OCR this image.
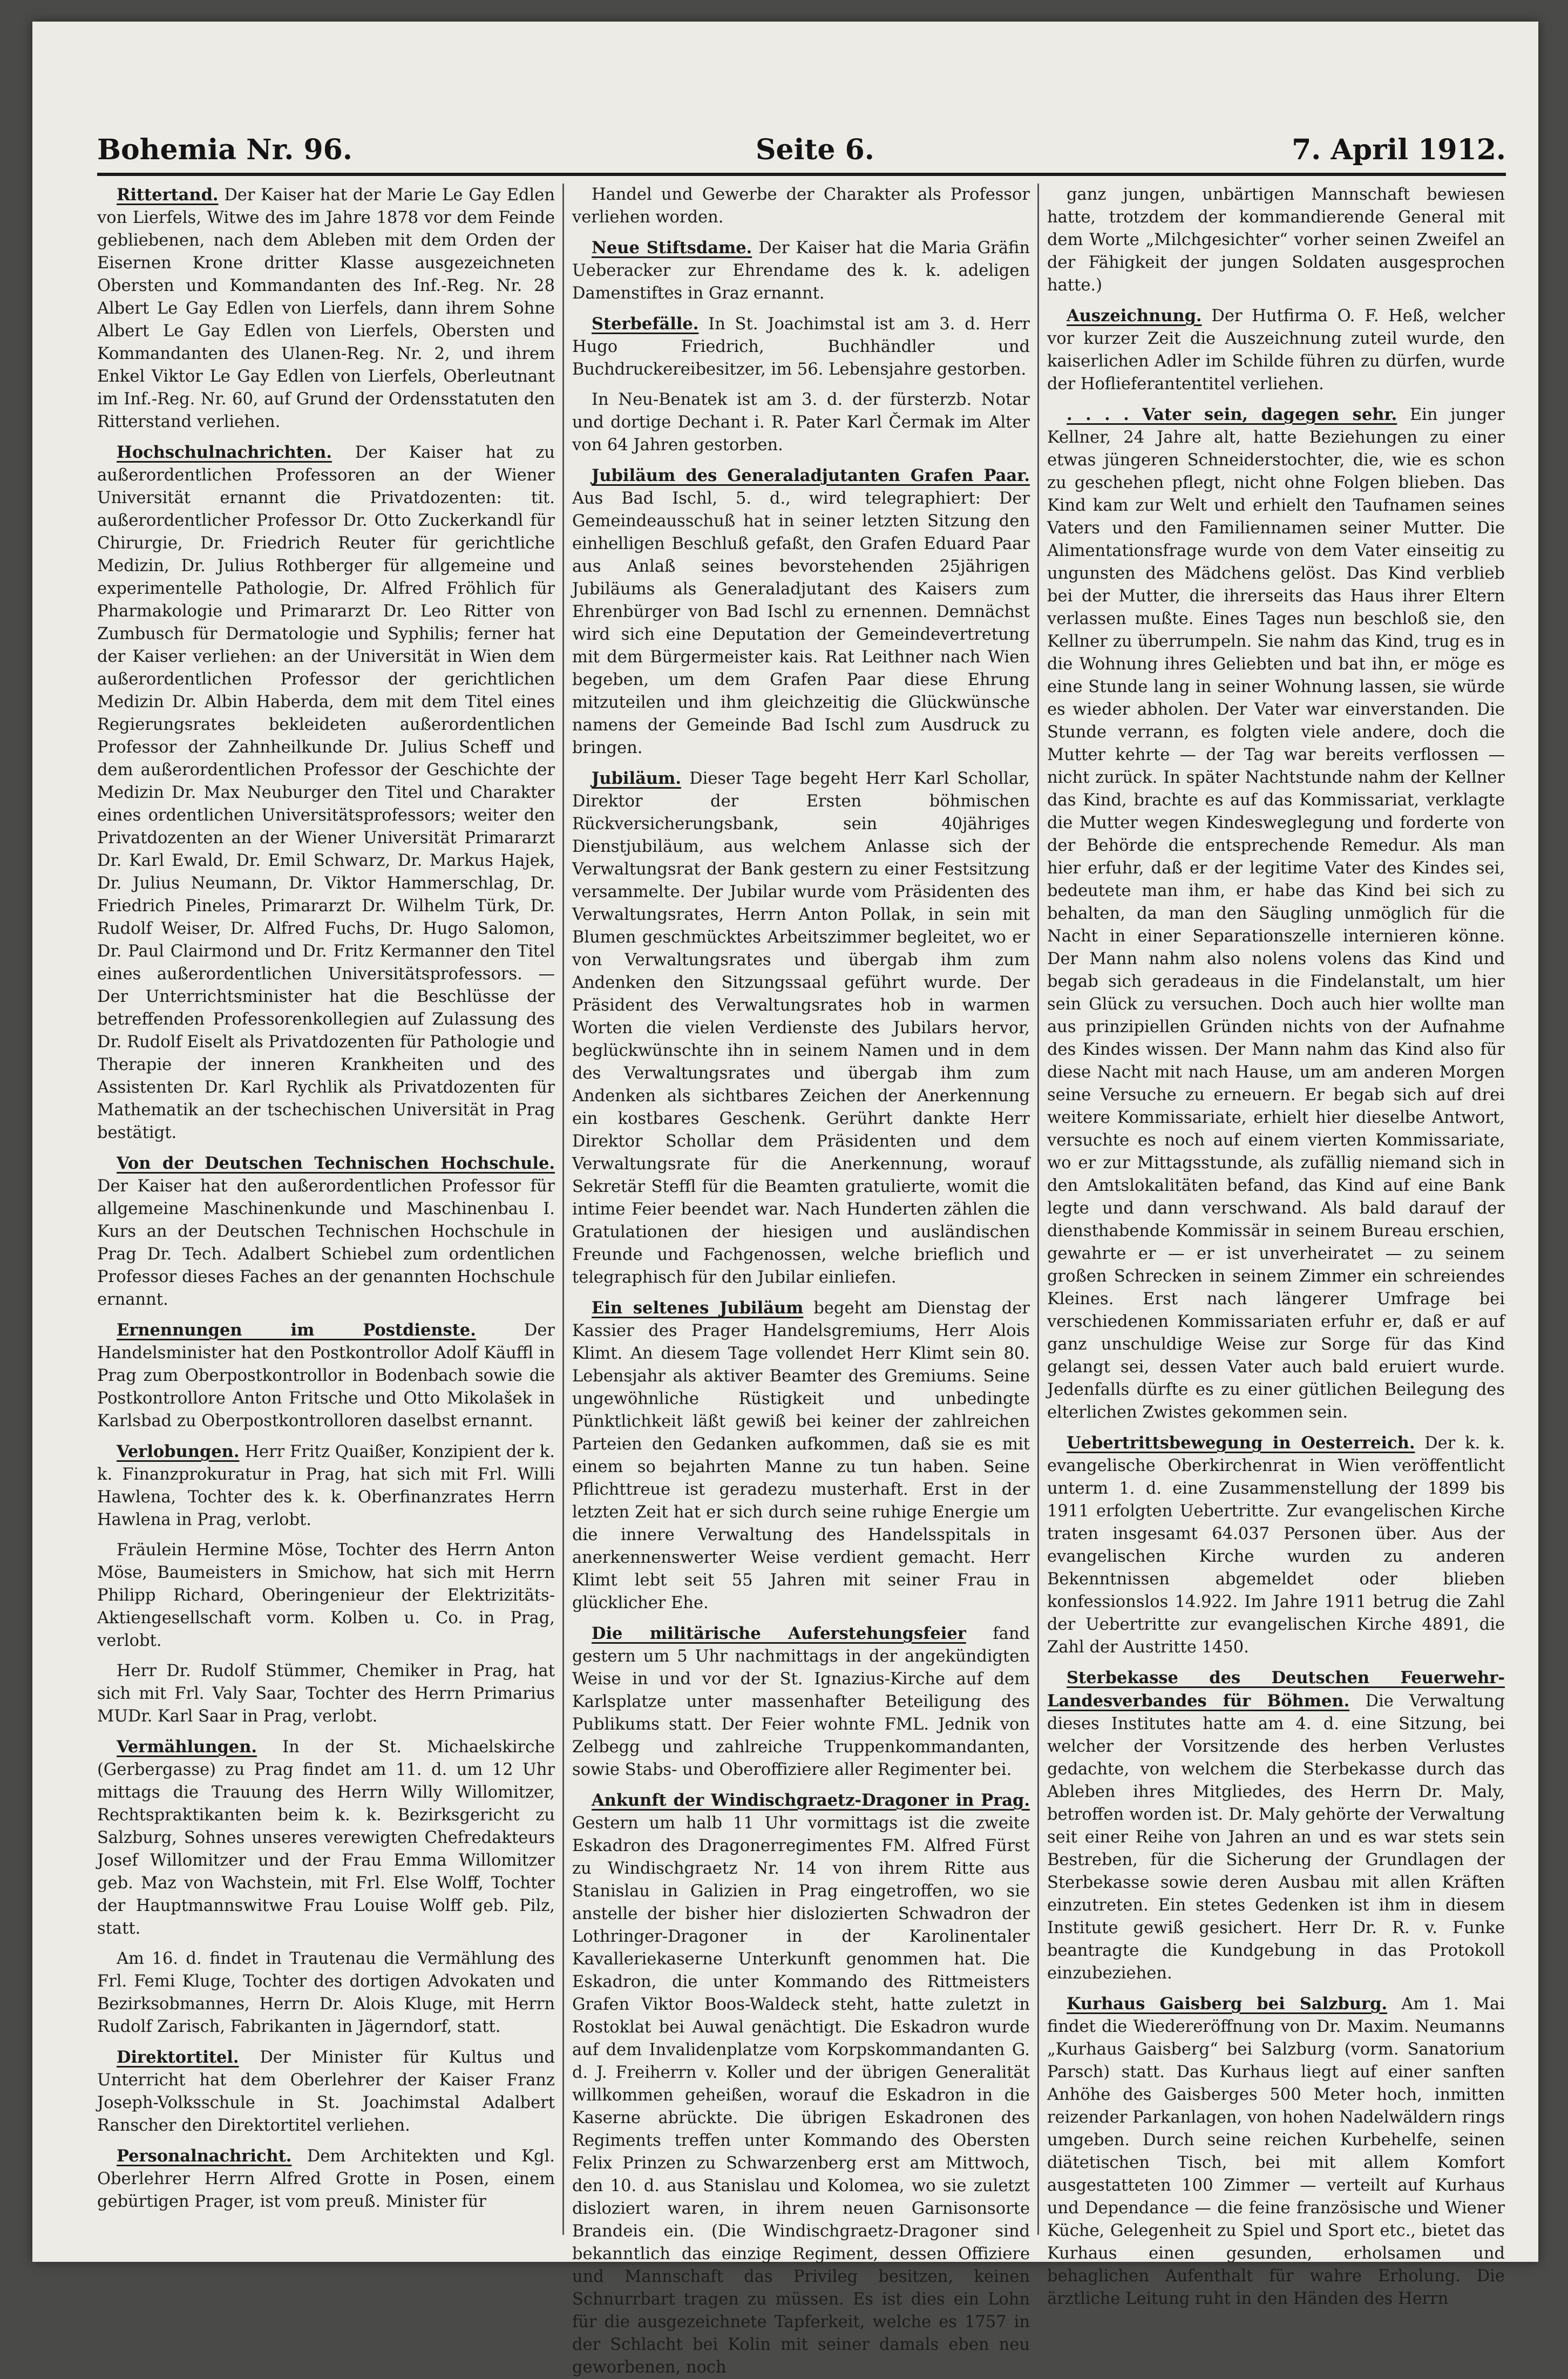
Bohemia Nr. 96.	Seite 6.	7. April 1912.

Rittertand. Der Kaiser hat der Marie Le Gay Edlen von Lierfels, Witwe des im Jahre 1878 vor dem Feinde gebliebenen, nach dem Ableben mit dem Orden der Eisernen Krone dritter Klasse ausgezeichneten Obersten und Kommandanten des Inf.-Reg. Nr. 28 Albert Le Gay Edlen von Lierfels, dann ihrem Sohne Albert Le Gay Edlen von Lierfels, Obersten und Kommandanten des Ulanen-Reg. Nr. 2, und ihrem Enkel Viktor Le Gay Edlen von Lierfels, Oberleutnant im Inf.-Reg. Nr. 60, auf Grund der Ordensstatuten den Ritterstand verliehen.

Hochschulnachrichten. Der Kaiser hat zu außerordentlichen Professoren an der Wiener Universität ernannt die Privatdozenten: tit. außerordentlicher Professor Dr. Otto Zuckerkandl für Chirurgie, Dr. Friedrich Reuter für gerichtliche Medizin, Dr. Julius Rothberger für allgemeine und experimentelle Pathologie, Dr. Alfred Fröhlich für Pharmakologie und Primararzt Dr. Leo Ritter von Zumbusch für Dermatologie und Syphilis; ferner hat der Kaiser verliehen: an der Universität in Wien dem außerordentlichen Professor der gerichtlichen Medizin Dr. Albin Haberda, dem mit dem Titel eines Regierungsrates bekleideten außerordentlichen Professor der Zahnheilkunde Dr. Julius Scheff und dem außerordentlichen Professor der Geschichte der Medizin Dr. Max Neuburger den Titel und Charakter eines ordentlichen Universitätsprofessors; weiter den Privatdozenten an der Wiener Universität Primararzt Dr. Karl Ewald, Dr. Emil Schwarz, Dr. Markus Hajek, Dr. Julius Neumann, Dr. Viktor Hammerschlag, Dr. Friedrich Pineles, Primararzt Dr. Wilhelm Türk, Dr. Rudolf Weiser, Dr. Alfred Fuchs, Dr. Hugo Salomon, Dr. Paul Clairmond und Dr. Fritz Kermanner den Titel eines außerordentlichen Universitätsprofessors. — Der Unterrichtsminister hat die Beschlüsse der betreffenden Professorenkollegien auf Zulassung des Dr. Rudolf Eiselt als Privatdozenten für Pathologie und Therapie der inneren Krankheiten und des Assistenten Dr. Karl Rychlik als Privatdozenten für Mathematik an der tschechischen Universität in Prag bestätigt.

Von der Deutschen Technischen Hochschule. Der Kaiser hat den außerordentlichen Professor für allgemeine Maschinenkunde und Maschinenbau I. Kurs an der Deutschen Technischen Hochschule in Prag Dr. Tech. Adalbert Schiebel zum ordentlichen Professor dieses Faches an der genannten Hochschule ernannt.

Ernennungen im Postdienste.	Der Handelsminister hat den Postkontrollor Adolf Käuffl in Prag zum Oberpostkontrollor in Bodenbach sowie die Postkontrollore Anton Fritsche und Otto Mikolašek in Karlsbad zu Oberpostkontrolloren daselbst ernannt.

Verlobungen. Herr Fritz Quaißer, Konzipient der k. k. Finanzprokuratur in Prag, hat sich mit Frl. Willi Hawlena, Tochter des k. k. Oberfinanzrates Herrn Hawlena in Prag, verlobt.

Fräulein Hermine Möse, Tochter des Herrn Anton Möse, Baumeisters in Smichow, hat sich mit Herrn Philipp Richard, Oberingenieur der Elektrizitäts-Aktiengesellschaft vorm. Kolben u. Co. in Prag, verlobt.

Herr Dr. Rudolf Stümmer, Chemiker in Prag, hat sich mit Frl. Valy Saar, Tochter des Herrn Primarius MUDr. Karl Saar in Prag, verlobt.

Vermählungen. In der St. Michaelskirche (Gerbergasse) zu Prag findet am 11. d. um 12 Uhr mittags die Trauung des Herrn Willy Willomitzer, Rechtspraktikanten beim k. k. Bezirksgericht zu Salzburg, Sohnes unseres verewigten Chefredakteurs Josef Willomitzer und der Frau Emma Willomitzer geb. Maz von Wachstein, mit Frl. Else Wolff, Tochter der Hauptmannswitwe Frau Louise Wolff geb. Pilz, statt.

Am 16. d. findet in Trautenau die Vermählung des Frl. Femi Kluge, Tochter des dortigen Advokaten und Bezirksobmannes, Herrn Dr. Alois Kluge, mit Herrn Rudolf Zarisch, Fabrikanten in Jägerndorf, statt.

Direktortitel. Der Minister für Kultus und Unterricht hat dem Oberlehrer der Kaiser Franz Joseph-Volksschule in St. Joachimstal Adalbert Ranscher den Direktortitel verliehen.

Personalnachricht. Dem Architekten und Kgl. Oberlehrer Herrn Alfred Grotte in Posen, einem gebürtigen Prager, ist vom preuß. Minister für

Handel und Gewerbe der Charakter als Professor verliehen worden.

Neue Stiftsdame. Der Kaiser hat die Maria Gräfin Ueberacker zur Ehrendame des k. k. adeligen Damenstiftes in Graz ernannt.

Sterbefälle. In St. Joachimstal ist am 3. d. Herr Hugo Friedrich, Buchhändler und Buchdruckereibesitzer, im 56. Lebensjahre gestorben.

In Neu-Benatek ist am 3. d. der fürsterzb. Notar und dortige Dechant i. R. Pater Karl Čermak im Alter von 64 Jahren gestorben.

Jubiläum des Generaladjutanten Grafen Paar. Aus Bad Ischl, 5. d., wird telegraphiert: Der Gemeindeausschuß hat in seiner letzten Sitzung den einhelligen Beschluß gefaßt, den Grafen Eduard Paar aus Anlaß seines bevorstehenden 25jährigen Jubiläums als Generaladjutant des Kaisers zum Ehrenbürger von Bad Ischl zu ernennen. Demnächst wird sich eine Deputation der Gemeindevertretung mit dem Bürgermeister kais. Rat Leithner nach Wien begeben, um dem Grafen Paar diese Ehrung mitzuteilen und ihm gleichzeitig die Glückwünsche namens der Gemeinde Bad Ischl zum Ausdruck zu bringen.

Jubiläum. Dieser Tage begeht Herr Karl Schollar, Direktor der Ersten böhmischen Rückversicherungsbank, sein 40jähriges Dienstjubiläum, aus welchem Anlasse sich der Verwaltungsrat der Bank gestern zu einer Festsitzung versammelte. Der Jubilar wurde vom Präsidenten des Verwaltungsrates, Herrn Anton Pollak, in sein mit Blumen geschmücktes Arbeitszimmer begleitet, wo er von Verwaltungsrates und übergab ihm zum Andenken den Sitzungssaal geführt wurde. Der Präsident des Verwaltungsrates hob in warmen Worten die vielen Verdienste des Jubilars hervor, beglückwünschte ihn in seinem Namen und in dem des Verwaltungsrates und übergab ihm zum Andenken als sichtbares Zeichen der Anerkennung ein kostbares Geschenk. Gerührt dankte Herr Direktor Schollar dem Präsidenten und dem Verwaltungsrate für die Anerkennung, worauf Sekretär Steffl für die Beamten gratulierte, womit die intime Feier beendet war. Nach Hunderten zählen die Gratulationen der hiesigen und ausländischen Freunde und Fachgenossen, welche brieflich und telegraphisch für den Jubilar einliefen.

Ein seltenes Jubiläum begeht am Dienstag der Kassier des Prager Handelsgremiums, Herr Alois Klimt. An diesem Tage vollendet Herr Klimt sein 80. Lebensjahr als aktiver Beamter des Gremiums. Seine ungewöhnliche Rüstigkeit und unbedingte Pünktlichkeit läßt gewiß bei keiner der zahlreichen Parteien den Gedanken aufkommen, daß sie es mit einem so bejahrten Manne zu tun haben. Seine Pflichttreue ist geradezu musterhaft. Erst in der letzten Zeit hat er sich durch seine ruhige Energie um die innere Verwaltung des Handelsspitals in anerkennenswerter Weise verdient gemacht. Herr Klimt lebt seit 55 Jahren mit seiner Frau in glücklicher Ehe.

Die militärische Auferstehungsfeier fand gestern um 5 Uhr nachmittags in der angekündigten Weise in und vor der St. Ignazius-Kirche auf dem Karlsplatze unter massenhafter Beteiligung des Publikums statt. Der Feier wohnte FML. Jednik von Zelbegg und zahlreiche Truppenkommandanten, sowie Stabs- und Oberoffiziere aller Regimenter bei.

Ankunft der Windischgraetz-Dragoner in Prag. Gestern um halb 11 Uhr vormittags ist die zweite Eskadron des Dragonerregimentes FM. Alfred Fürst zu Windischgraetz Nr. 14 von ihrem Ritte aus Stanislau in Galizien in Prag eingetroffen, wo sie anstelle der bisher hier dislozierten Schwadron der Lothringer-Dragoner in der Karolinentaler Kavalleriekaserne Unterkunft genommen hat. Die Eskadron, die unter Kommando des Rittmeisters Grafen Viktor Boos-Waldeck steht, hatte zuletzt in Rostoklat bei Auwal genächtigt. Die Eskadron wurde auf dem Invalidenplatze vom Korpskommandanten G. d. J. Freiherrn v. Koller und der übrigen Generalität willkommen geheißen, worauf die Eskadron in die Kaserne abrückte. Die übrigen Eskadronen des Regiments treffen unter Kommando des Obersten Felix Prinzen zu Schwarzenberg erst am Mittwoch, den 10. d. aus Stanislau und Kolomea, wo sie zuletzt disloziert waren, in ihrem neuen Garnisonsorte Brandeis ein. (Die Windischgraetz-Dragoner sind bekanntlich das einzige Regiment, dessen Offiziere und Mannschaft das Privileg besitzen, keinen Schnurrbart tragen zu müssen. Es ist dies ein Lohn für die ausgezeichnete Tapferkeit, welche es 1757 in der Schlacht bei Kolin mit seiner damals eben neu geworbenen, noch

ganz jungen, unbärtigen Mannschaft bewiesen hatte, trotzdem der kommandierende General mit dem Worte „Milchgesichter“ vorher seinen Zweifel an der Fähigkeit der jungen Soldaten ausgesprochen hatte.)

Auszeichnung. Der Hutfirma O. F. Heß, welcher vor kurzer Zeit die Auszeichnung zuteil wurde, den kaiserlichen Adler im Schilde führen zu dürfen, wurde der Hoflieferantentitel verliehen.

. . . . Vater sein, dagegen sehr. Ein junger Kellner, 24 Jahre alt, hatte Beziehungen zu einer etwas jüngeren Schneiderstochter, die, wie es schon zu geschehen pflegt, nicht ohne Folgen blieben. Das Kind kam zur Welt und erhielt den Taufnamen seines Vaters und den Familiennamen seiner Mutter. Die Alimentationsfrage wurde von dem Vater einseitig zu ungunsten des Mädchens gelöst. Das Kind verblieb bei der Mutter, die ihrerseits das Haus ihrer Eltern verlassen mußte. Eines Tages nun beschloß sie, den Kellner zu überrumpeln. Sie nahm das Kind, trug es in die Wohnung ihres Geliebten und bat ihn, er möge es eine Stunde lang in seiner Wohnung lassen, sie würde es wieder abholen. Der Vater war einverstanden. Die Stunde verrann, es folgten viele andere, doch die Mutter kehrte — der Tag war bereits verflossen — nicht zurück. In später Nachtstunde nahm der Kellner das Kind, brachte es auf das Kommissariat, verklagte die Mutter wegen Kindesweglegung und forderte von der Behörde die entsprechende Remedur. Als man hier erfuhr, daß er der legitime Vater des Kindes sei, bedeutete man ihm, er habe das Kind bei sich zu behalten, da man den Säugling unmöglich für die Nacht in einer Separationszelle internieren könne. Der Mann nahm also nolens volens das Kind und begab sich geradeaus in die Findelanstalt, um hier sein Glück zu versuchen. Doch auch hier wollte man aus prinzipiellen Gründen nichts von der Aufnahme des Kindes wissen. Der Mann nahm das Kind also für diese Nacht mit nach Hause, um am anderen Morgen seine Versuche zu erneuern. Er begab sich auf drei weitere Kommissariate, erhielt hier dieselbe Antwort, versuchte es noch auf einem vierten Kommissariate, wo er zur Mittagsstunde, als zufällig niemand sich in den Amtslokalitäten befand, das Kind auf eine Bank legte und dann verschwand. Als bald darauf der diensthabende Kommissär in seinem Bureau erschien, gewahrte er — er ist unverheiratet — zu seinem großen Schrecken in seinem Zimmer ein schreiendes Kleines. Erst nach längerer Umfrage bei verschiedenen Kommissariaten erfuhr er, daß er auf ganz unschuldige Weise zur Sorge für das Kind gelangt sei, dessen Vater auch bald eruiert wurde. Jedenfalls dürfte es zu einer gütlichen Beilegung des elterlichen Zwistes gekommen sein.

Uebertrittsbewegung in Oesterreich. Der k. k. evangelische Oberkirchenrat in Wien veröffentlicht unterm 1. d. eine Zusammenstellung der 1899 bis 1911 erfolgten Uebertritte. Zur evangelischen Kirche traten insgesamt 64.037 Personen über. Aus der evangelischen Kirche wurden zu anderen Bekenntnissen abgemeldet oder blieben konfessionslos 14.922. Im Jahre 1911 betrug die Zahl der Uebertritte zur evangelischen Kirche 4891, die Zahl der Austritte 1450.

Sterbekasse des Deutschen Feuerwehr-Landesverbandes für Böhmen. Die Verwaltung dieses Institutes hatte am 4. d. eine Sitzung, bei welcher der Vorsitzende des herben Verlustes gedachte, von welchem die Sterbekasse durch das Ableben ihres Mitgliedes, des Herrn Dr. Maly, betroffen worden ist. Dr. Maly gehörte der Verwaltung seit einer Reihe von Jahren an und es war stets sein Bestreben, für die Sicherung der Grundlagen der Sterbekasse sowie deren Ausbau mit allen Kräften einzutreten. Ein stetes Gedenken ist ihm in diesem Institute gewiß gesichert. Herr Dr. R. v. Funke beantragte die Kundgebung in das Protokoll einzubeziehen.

Kurhaus Gaisberg bei Salzburg. Am 1. Mai findet die Wiedereröffnung von Dr. Maxim. Neumanns „Kurhaus Gaisberg“ bei Salzburg (vorm. Sanatorium Parsch) statt. Das Kurhaus liegt auf einer sanften Anhöhe des Gaisberges 500 Meter hoch, inmitten reizender Parkanlagen, von hohen Nadelwäldern rings umgeben. Durch seine reichen Kurbehelfe, seinen diätetischen Tisch, bei mit allem Komfort ausgestatteten 100 Zimmer — verteilt auf Kurhaus und Dependance — die feine französische und Wiener Küche, Gelegenheit zu Spiel und Sport etc., bietet das Kurhaus einen gesunden, erholsamen und behaglichen Aufenthalt für wahre Erholung. Die ärztliche Leitung ruht in den Händen des Herrn
